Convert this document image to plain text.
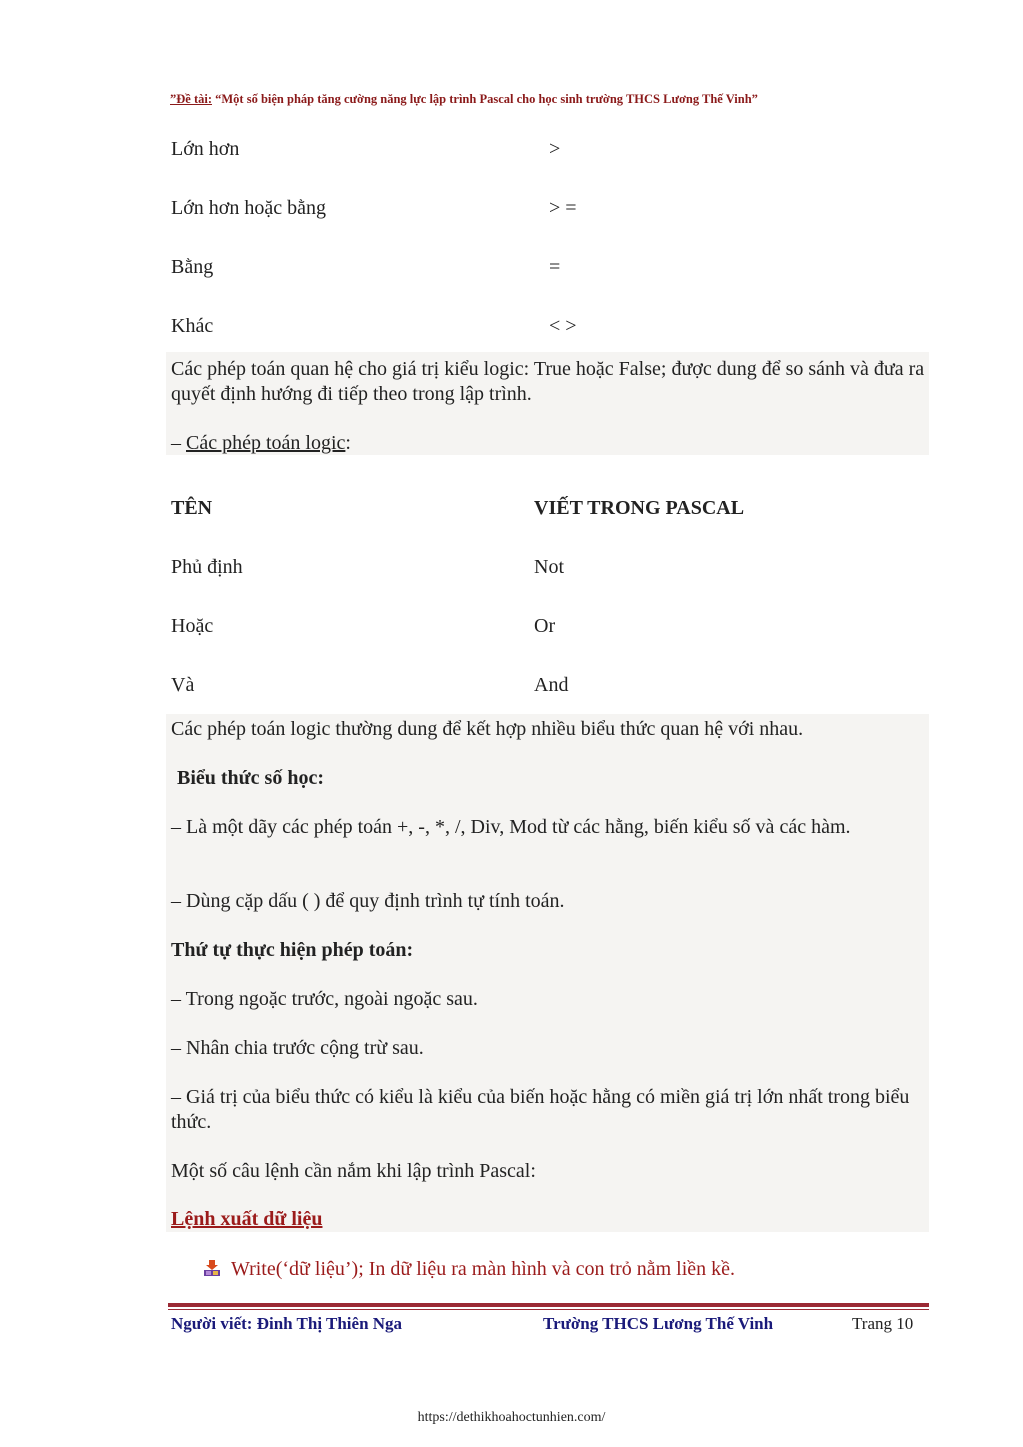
”Đề tài: “Một số biện pháp tăng cường năng lực lập trình Pascal cho học sinh trường THCS Lương Thế Vinh”
Lớn hơn	>
Lớn hơn hoặc bằng	> =
Bằng	=
Khác	< >
Các phép toán quan hệ cho giá trị kiểu logic: True hoặc False; được dung để so sánh và đưa ra quyết định hướng đi tiếp theo trong lập trình.
– Các phép toán logic:
TÊN	VIẾT TRONG PASCAL
Phủ định	Not
Hoặc	Or
Và	And
Các phép toán logic thường dung để kết hợp nhiều biểu thức quan hệ với nhau.
Biểu thức số học:
– Là một dãy các phép toán +, -, *, /, Div, Mod từ các hằng, biến kiểu số và các hàm.
– Dùng cặp dấu ( ) để quy định trình tự tính toán.
Thứ tự thực hiện phép toán:
– Trong ngoặc trước, ngoài ngoặc sau.
– Nhân chia trước cộng trừ sau.
– Giá trị của biểu thức có kiểu là kiểu của biến hoặc hằng có miền giá trị lớn nhất trong biểu thức.
Một số câu lệnh cần nắm khi lập trình Pascal:
Lệnh xuất dữ liệu
Write(‘dữ liệu’); In dữ liệu ra màn hình và con trỏ nằm liền kề.
Người viết: Đinh Thị Thiên Nga	Trường THCS Lương Thế Vinh	Trang 10
https://dethikhoahoctunhien.com/
